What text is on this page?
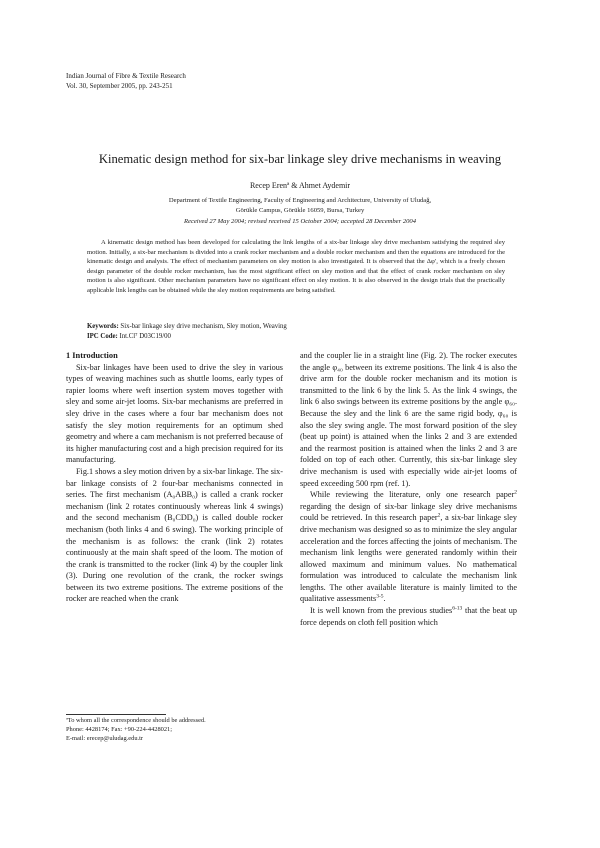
Indian Journal of Fibre & Textile Research
Vol. 30, September 2005, pp. 243-251
Kinematic design method for six-bar linkage sley drive mechanisms in weaving
Recep Erenª & Ahmet Aydemir
Department of Textile Engineering, Faculty of Engineering and Architecture, University of Uludağ,
Görükle Campus, Görükle 16059, Bursa, Turkey
Received 27 May 2004; revised received 15 October 2004; accepted 28 December 2004
A kinematic design method has been developed for calculating the link lengths of a six-bar linkage sley drive mechanism satisfying the required sley motion. Initially, a six-bar mechanism is divided into a crank rocker mechanism and a double rocker mechanism and then the equations are introduced for the kinematic design and analysis. The effect of mechanism parameters on sley motion is also investigated. It is observed that the Δφ′, which is a freely chosen design parameter of the double rocker mechanism, has the most significant effect on sley motion and that the effect of crank rocker mechanism on sley motion is also significant. Other mechanism parameters have no significant effect on sley motion. It is also observed in the design trials that the practically applicable link lengths can be obtained while the sley motion requirements are being satisfied.
Keywords: Six-bar linkage sley drive mechanism, Sley motion, Weaving
IPC Code: Int.Cl⁷ D03C19/00
1 Introduction

Six-bar linkages have been used to drive the sley in various types of weaving machines such as shuttle looms, early types of rapier looms where weft insertion system moves together with sley and some air-jet looms. Six-bar mechanisms are preferred in sley drive in the cases where a four bar mechanism does not satisfy the sley motion requirements for an optimum shed geometry and where a cam mechanism is not preferred because of its higher manufacturing cost and a high precision required for its manufacturing.

Fig.1 shows a sley motion driven by a six-bar linkage. The six-bar linkage consists of 2 four-bar mechanisms connected in series. The first mechanism (A₀ABB₀) is called a crank rocker mechanism (link 2 rotates continuously whereas link 4 swings) and the second mechanism (B₀CDD₀) is called double rocker mechanism (both links 4 and 6 swing). The working principle of the mechanism is as follows: the crank (link 2) rotates continuously at the main shaft speed of the loom. The motion of the crank is transmitted to the rocker (link 4) by the coupler link (3). During one revolution of the crank, the rocker swings between its two extreme positions. The extreme positions of the rocker are reached when the crank

and the coupler lie in a straight line (Fig. 2). The rocker executes the angle φ₄₀ between its extreme positions. The link 4 is also the drive arm for the double rocker mechanism and its motion is transmitted to the link 6 by the link 5. As the link 4 swings, the link 6 also swings between its extreme positions by the angle φ₆₀. Because the sley and the link 6 are the same rigid body, φ₆₀ is also the sley swing angle. The most forward position of the sley (beat up point) is attained when the links 2 and 3 are extended and the rearmost position is attained when the links 2 and 3 are folded on top of each other. Currently, this six-bar linkage sley drive mechanism is used with especially wide air-jet looms of speed exceeding 500 rpm (ref. 1).

While reviewing the literature, only one research paper$^2$ regarding the design of six-bar linkage sley drive mechanisms could be retrieved. In this research paper$^2$, a six-bar linkage sley drive mechanism was designed so as to minimize the sley angular acceleration and the forces affecting the joints of mechanism. The mechanism link lengths were generated randomly within their allowed maximum and minimum values. No mathematical formulation was introduced to calculate the mechanism link lengths. The other available literature is mainly limited to the qualitative assessments$^{3-5}$.

It is well known from the previous studies$^{6-13}$ that the beat up force depends on cloth fell position which

ªTo whom all the correspondence should be addressed.
Phone: 4428174; Fax: +90-224-4428021;
E-mail: erecep@uludag.edu.tr
